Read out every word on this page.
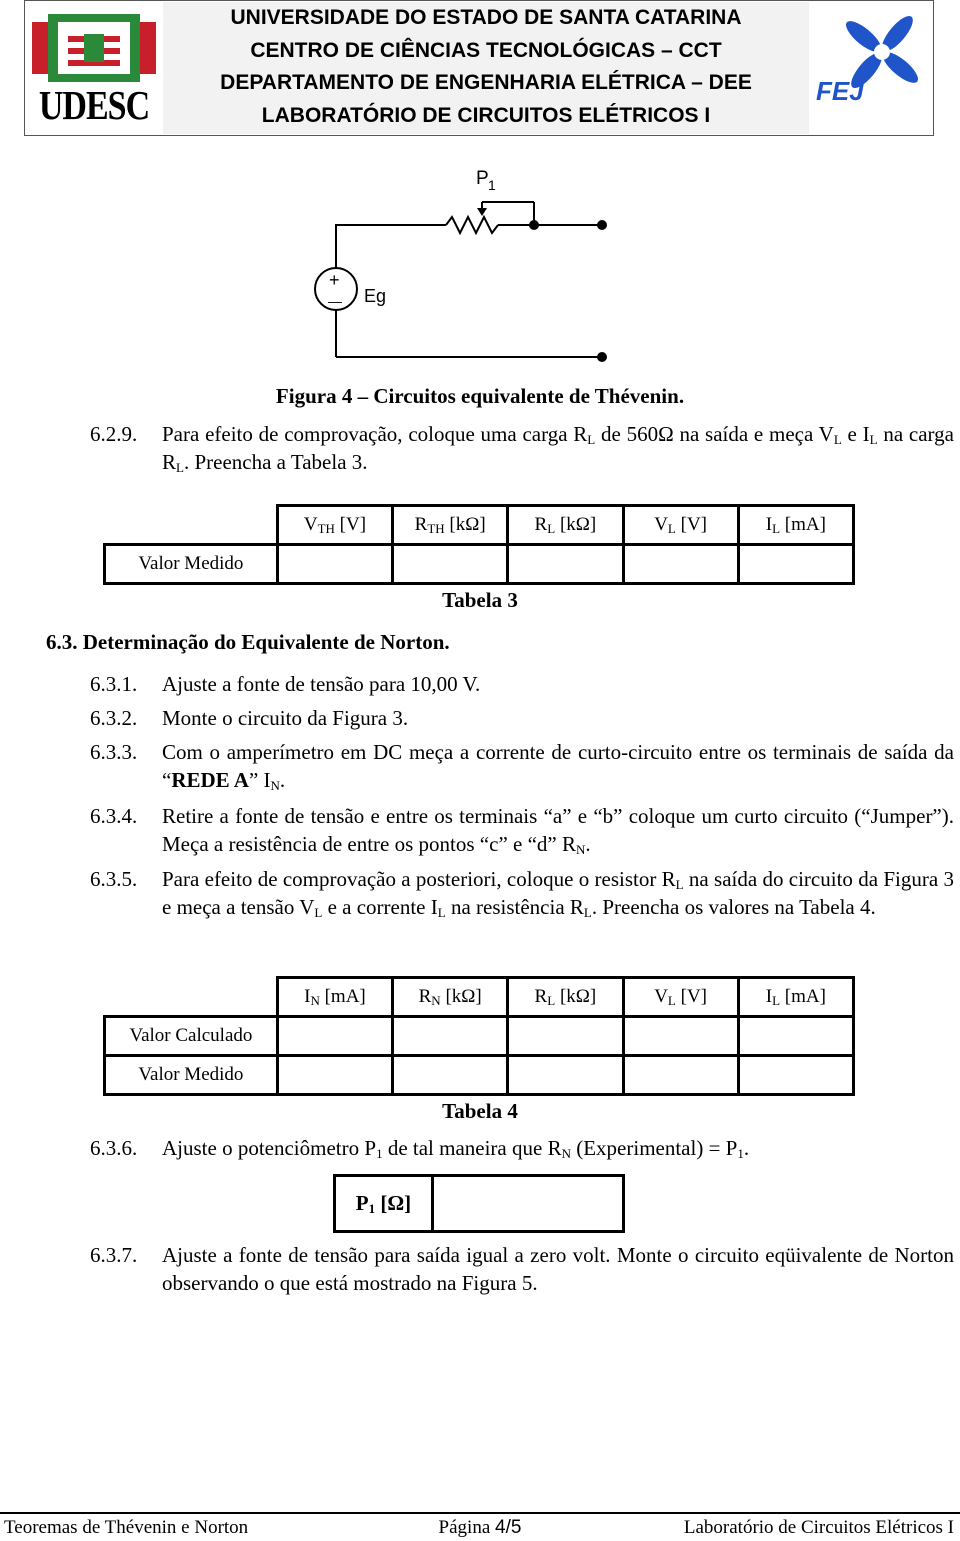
UDESC
UNIVERSIDADE DO ESTADO DE SANTA CATARINA
CENTRO DE CIÊNCIAS TECNOLÓGICAS – CCT
DEPARTAMENTO DE ENGENHARIA ELÉTRICA – DEE
LABORATÓRIO DE CIRCUITOS ELÉTRICOS I
FEJ
P 1
+
— Eg
Figura 4 – Circuitos equivalente de Thévenin.
6.2.9. Para efeito de comprovação, coloque uma carga $R_L$ de 560Ω na saída e meça $V_L$ e $I_L$ na carga $R_L$. Preencha a Tabela 3.
	$V_{TH}$ [V]	$R_{TH}$ [kΩ]	$R_L$ [kΩ]	$V_L$ [V]	$I_L$ [mA]
Valor Medido					
Tabela 3
6.3. Determinação do Equivalente de Norton.
6.3.1. Ajuste a fonte de tensão para 10,00 V.
6.3.2. Monte o circuito da Figura 3.
6.3.3. Com o amperímetro em DC meça a corrente de curto-circuito entre os terminais de saída da “REDE A” $I_N$.
6.3.4. Retire a fonte de tensão e entre os terminais “a” e “b” coloque um curto circuito (“Jumper”). Meça a resistência de entre os pontos “c” e “d” $R_N$.
6.3.5. Para efeito de comprovação a posteriori, coloque o resistor $R_L$ na saída do circuito da Figura 3 e meça a tensão $V_L$ e a corrente $I_L$ na resistência $R_L$. Preencha os valores na Tabela 4.
	$I_N$ [mA]	$R_N$ [kΩ]	$R_L$ [kΩ]	$V_L$ [V]	$I_L$ [mA]
Valor Calculado					
Valor Medido					
Tabela 4
6.3.6. Ajuste o potenciômetro $P_1$ de tal maneira que $R_N$ (Experimental) = $P_1$.
$P_1$ [Ω]	
6.3.7. Ajuste a fonte de tensão para saída igual a zero volt. Monte o circuito eqüivalente de Norton observando o que está mostrado na Figura 5.
Teoremas de Thévenin e Norton	Página 4/5	Laboratório de Circuitos Elétricos I
